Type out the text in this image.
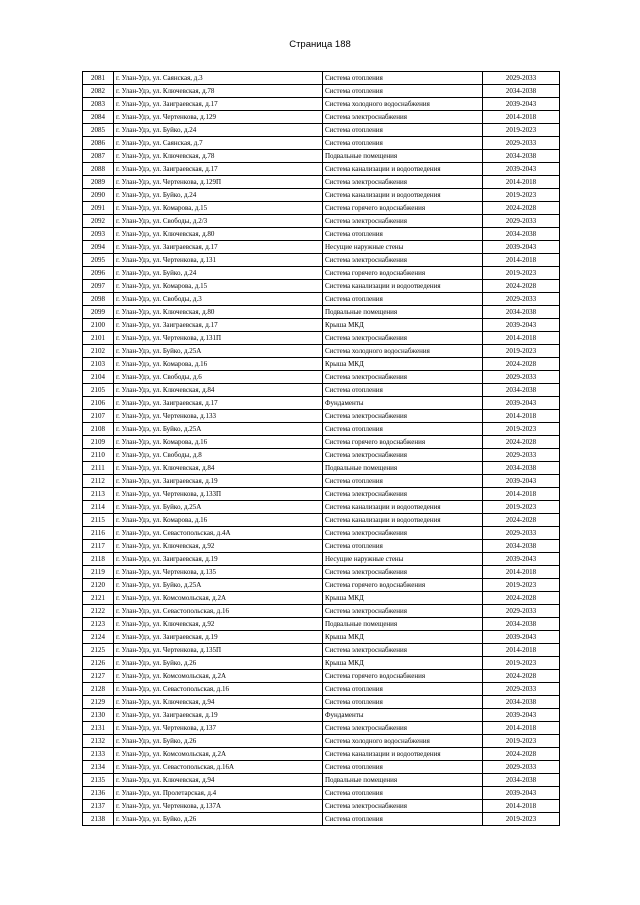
Страница 188
2081	г. Улан-Удэ, ул. Саянская, д.3	Система отопления	2029-2033
2082	г. Улан-Удэ, ул. Ключевская, д.78	Система отопления	2034-2038
2083	г. Улан-Удэ, ул. Заиграевская, д.17	Система холодного водоснабжения	2039-2043
2084	г. Улан-Удэ, ул. Чертенкова, д.129	Система электроснабжения	2014-2018
2085	г. Улан-Удэ, ул. Буйко, д.24	Система отопления	2019-2023
2086	г. Улан-Удэ, ул. Саянская, д.7	Система отопления	2029-2033
2087	г. Улан-Удэ, ул. Ключевская, д.78	Подвальные помещения	2034-2038
2088	г. Улан-Удэ, ул. Заиграевская, д.17	Система канализации и водоотведения	2039-2043
2089	г. Улан-Удэ, ул. Чертенкова, д.129П	Система электроснабжения	2014-2018
2090	г. Улан-Удэ, ул. Буйко, д.24	Система канализации и водоотведения	2019-2023
2091	г. Улан-Удэ, ул. Комарова, д.15	Система горячего водоснабжения	2024-2028
2092	г. Улан-Удэ, ул. Свободы, д.2/3	Система электроснабжения	2029-2033
2093	г. Улан-Удэ, ул. Ключевская, д.80	Система отопления	2034-2038
2094	г. Улан-Удэ, ул. Заиграевская, д.17	Несущие наружные стены	2039-2043
2095	г. Улан-Удэ, ул. Чертенкова, д.131	Система электроснабжения	2014-2018
2096	г. Улан-Удэ, ул. Буйко, д.24	Система горячего водоснабжения	2019-2023
2097	г. Улан-Удэ, ул. Комарова, д.15	Система канализации и водоотведения	2024-2028
2098	г. Улан-Удэ, ул. Свободы, д.3	Система отопления	2029-2033
2099	г. Улан-Удэ, ул. Ключевская, д.80	Подвальные помещения	2034-2038
2100	г. Улан-Удэ, ул. Заиграевская, д.17	Крыша МКД	2039-2043
2101	г. Улан-Удэ, ул. Чертенкова, д.131П	Система электроснабжения	2014-2018
2102	г. Улан-Удэ, ул. Буйко, д.25А	Система холодного водоснабжения	2019-2023
2103	г. Улан-Удэ, ул. Комарова, д.16	Крыша МКД	2024-2028
2104	г. Улан-Удэ, ул. Свободы, д.6	Система электроснабжения	2029-2033
2105	г. Улан-Удэ, ул. Ключевская, д.84	Система отопления	2034-2038
2106	г. Улан-Удэ, ул. Заиграевская, д.17	Фундаменты	2039-2043
2107	г. Улан-Удэ, ул. Чертенкова, д.133	Система электроснабжения	2014-2018
2108	г. Улан-Удэ, ул. Буйко, д.25А	Система отопления	2019-2023
2109	г. Улан-Удэ, ул. Комарова, д.16	Система горячего водоснабжения	2024-2028
2110	г. Улан-Удэ, ул. Свободы, д.8	Система электроснабжения	2029-2033
2111	г. Улан-Удэ, ул. Ключевская, д.84	Подвальные помещения	2034-2038
2112	г. Улан-Удэ, ул. Заиграевская, д.19	Система отопления	2039-2043
2113	г. Улан-Удэ, ул. Чертенкова, д.133П	Система электроснабжения	2014-2018
2114	г. Улан-Удэ, ул. Буйко, д.25А	Система канализации и водоотведения	2019-2023
2115	г. Улан-Удэ, ул. Комарова, д.16	Система канализации и водоотведения	2024-2028
2116	г. Улан-Удэ, ул. Севастопольская, д.4А	Система электроснабжения	2029-2033
2117	г. Улан-Удэ, ул. Ключевская, д.92	Система отопления	2034-2038
2118	г. Улан-Удэ, ул. Заиграевская, д.19	Несущие наружные стены	2039-2043
2119	г. Улан-Удэ, ул. Чертенкова, д.135	Система электроснабжения	2014-2018
2120	г. Улан-Удэ, ул. Буйко, д.25А	Система горячего водоснабжения	2019-2023
2121	г. Улан-Удэ, ул. Комсомольская, д.2А	Крыша МКД	2024-2028
2122	г. Улан-Удэ, ул. Севастопольская, д.16	Система электроснабжения	2029-2033
2123	г. Улан-Удэ, ул. Ключевская, д.92	Подвальные помещения	2034-2038
2124	г. Улан-Удэ, ул. Заиграевская, д.19	Крыша МКД	2039-2043
2125	г. Улан-Удэ, ул. Чертенкова, д.135П	Система электроснабжения	2014-2018
2126	г. Улан-Удэ, ул. Буйко, д.26	Крыша МКД	2019-2023
2127	г. Улан-Удэ, ул. Комсомольская, д.2А	Система горячего водоснабжения	2024-2028
2128	г. Улан-Удэ, ул. Севастопольская, д.16	Система отопления	2029-2033
2129	г. Улан-Удэ, ул. Ключевская, д.94	Система отопления	2034-2038
2130	г. Улан-Удэ, ул. Заиграевская, д.19	Фундаменты	2039-2043
2131	г. Улан-Удэ, ул. Чертенкова, д.137	Система электроснабжения	2014-2018
2132	г. Улан-Удэ, ул. Буйко, д.26	Система холодного водоснабжения	2019-2023
2133	г. Улан-Удэ, ул. Комсомольская, д.2А	Система канализации и водоотведения	2024-2028
2134	г. Улан-Удэ, ул. Севастопольская, д.16А	Система отопления	2029-2033
2135	г. Улан-Удэ, ул. Ключевская, д.94	Подвальные помещения	2034-2038
2136	г. Улан-Удэ, ул. Пролетарская, д.4	Система отопления	2039-2043
2137	г. Улан-Удэ, ул. Чертенкова, д.137А	Система электроснабжения	2014-2018
2138	г. Улан-Удэ, ул. Буйко, д.26	Система отопления	2019-2023
